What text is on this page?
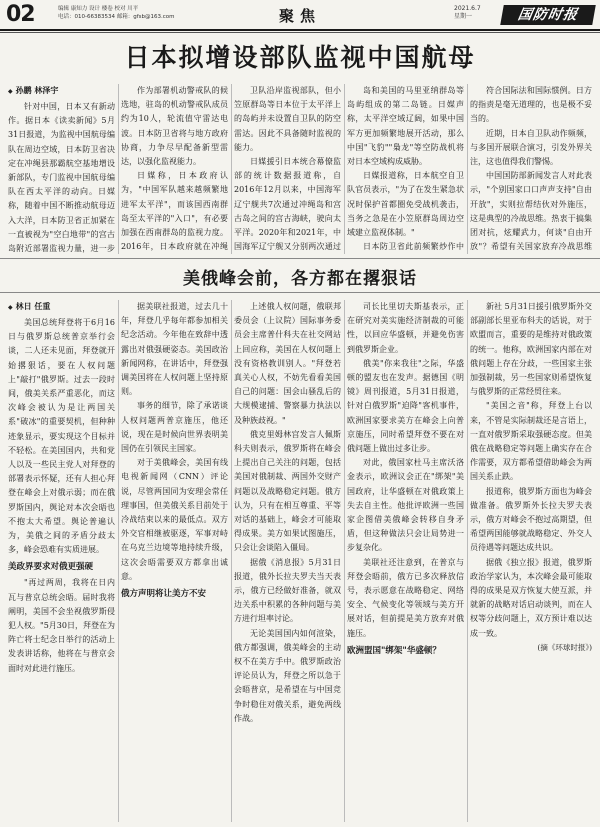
02	编辑 康知力 设计 楼卷 校对 川平
电话：010-66383534 邮箱：gfsb@163.com	聚焦	2021.6.7
星期一	国防时报
日本拟增设部队监视中国航母
◆ 孙鹏 林泽宇

针对中国，日本又有新动作。据日本《读卖新闻》5月31日报道，为监视中国航母编队在周边空域，日本防卫省决定在冲绳县那霸航空基地增设新部队，专门监视中国航母编队在西太平洋的动向。日媒称，随着中国不断推动航母迈入大洋，日本防卫省正加紧在一直被视为"空白地带"的宫古岛附近部署监视力量，进一步

作为部署机动警戒队的候选地，驻岛的机动警戒队成员约为10人，轮流值守雷达电波。日本防卫省将与地方政府协商，力争尽早配备新型雷达，以强化监视能力。

日媒称，日本政府认为，"中国军队越来越频繁地进军太平洋"，而该国西南群岛至太平洋的"入口"，有必要加强在西南群岛的监视力度。2016年，日本政府就在冲绳

卫队沿岸监视部队，但小笠原群岛等日本位于太平洋上的岛屿并未设置自卫队的防空雷达。因此不具备随时监视的能力。

日媒援引日本统合幕僚监部的统计数据报道称，自2016年12月以来，中国海军辽宁舰共7次通过冲绳岛和宫古岛之间的宫古海峡，驶向太平洋。2020年和2021年，中国海军辽宁舰又分别两次通过

岛和美国的马里亚纳群岛等岛屿组成的第二岛链。日媒声称，太平洋空域辽阔，如果中国军方更加频繁地展开活动，那么中国"飞豹""梟龙"等空防战机将对日本空域构成威胁。

日媒报道称，日本航空自卫队官员表示，"为了在发生紧急状况时保护首都圈免受战机袭击，当务之急是在小笠原群岛周边空域建立监视体制。"

日本防卫省此前频繁炒作中

符合国际法和国际惯例。日方的指责是毫无道理的，也是极不妥当的。

近期，日本自卫队动作频频，与多国开展联合演习，引发外界关注，这也值得我们警惕。

中国国防部新闻发言人对此表示，"个别国家口口声声支持"自由开放"，实则拉帮结伙对外施压，这是典型的冷战思维。热衷于搞集团对抗，炫耀武力，何谈"自由开放"？希望有关国家放弃冷战思维

美俄峰会前，各方都在撂狠话
◆ 林日 任重

美国总统拜登将于6月16日与俄罗斯总统普京举行会谈，二人还未见面，拜登就开始撂狠话，要在人权问题上"敲打"俄罗斯。过去一段时间，俄美关系严重恶化，而这次峰会被认为是让两国关系"破冰"的重要契机，但种种迹象显示，要实现这个目标并不轻松。在美国国内，共和党人以及一些民主党人对拜登的部署表示怀疑，还有人担心拜登在峰会上对俄示弱；而在俄罗斯国内，舆论对本次会晤也不抱太大希望。舆论普遍认为，美俄之间的矛盾分歧太多，峰会恐难有实质进展。

美政界要求对俄更强硬

"再过两周，我将在日内瓦与普京总统会晤。届时我将阐明，美国不会坐视俄罗斯侵犯人权。"5月30日，拜登在为阵亡将士纪念日举行的活动上发表讲话称，他将在与普京会面时对此进行施压。

据美联社报道，过去几十年，拜登几乎每年都参加相关纪念活动。今年他在致辞中透露出对俄强硬姿态。美国政治新闻网称，在讲话中，拜登强调美国将在人权问题上坚持原则。

事务的细节，除了承诺谈人权问题两普京施压，他还说，现在是时候向世界表明美国仍在引领民主国家。

对于美俄峰会，美国有线电视新闻网（CNN）评论说，尽管两国同为安理会常任理事国，但美俄关系目前处于冷战结束以来的最低点。双方外交官相继被驱逐，军事对峙在乌克兰边境等地持续升级，这次会晤需要双方都拿出诚意。

俄方声明将让美方不安

上述俄人权问题，俄联邦委员会（上议院）国际事务委员会主席普什科夫在社交网站上回应称，美国在人权问题上没有资格教训别人。"拜登若真关心人权，不妨先看看美国自己的问题：国会山骚乱后的大规模逮捕、警察暴力执法以及种族歧视。"

俄克里姆林宫发言人佩斯科夫则表示，俄罗斯将在峰会上提出自己关注的问题，包括美国对俄制裁、两国外交财产问题以及战略稳定问题。俄方认为，只有在相互尊重、平等对话的基础上，峰会才可能取得成果。美方如果试图施压，只会让会谈陷入僵局。

据俄《消息报》5月31日报道，俄外长拉夫罗夫当天表示，俄方已经做好准备，就双边关系中积累的各种问题与美方进行坦率讨论。

无论美国国内如何渲染，俄方都强调，俄美峰会的主动权不在美方手中。俄罗斯政治评论员认为，拜登之所以急于会晤普京，是希望在与中国竞争时稳住对俄关系，避免两线作战。

司长比里切夫斯基表示，正在研究对美实施经济制裁的可能性，以回应华盛顿，并避免伤害到俄罗斯企业。

俄美"你来我往"之际，华盛顿的盟友也在发声。据德国《明镜》周刊报道，5月31日报道，针对白俄罗斯"迫降"客机事件，欧洲国家要求美方在峰会上向普京施压，同时希望拜登不要在对俄问题上做出过多让步。

对此，俄国家杜马主席沃洛金表示，欧洲议会正在"绑架"美国政府，让华盛顿在对俄政策上失去自主性。他批评欧洲一些国家企图借美俄峰会转移自身矛盾，但这种做法只会让局势进一步复杂化。

美联社还注意到，在普京与拜登会晤前，俄方已多次释放信号，表示愿意在战略稳定、网络安全、气候变化等领域与美方开展对话，但前提是美方放弃对俄施压。

欧洲盟国"绑架"华盛顿？

新社 5月31日援引俄罗斯外交部副部长里亚布科夫的话说，对于欧盟而言，重要的是维持对俄政策的统一。他称，欧洲国家内部在对俄问题上存在分歧，一些国家主张加强制裁，另一些国家则希望恢复与俄罗斯的正常经贸往来。

"美国之音"称，拜登上台以来，不管是实际制裁还是言语上，一直对俄罗斯采取强硬态度。但美俄在战略稳定等问题上确实存在合作需要，双方都希望借助峰会为两国关系止跌。

报道称，俄罗斯方面也为峰会做准备。俄罗斯外长拉夫罗夫表示，俄方对峰会不抱过高期望，但希望两国能够就战略稳定、外交人员待遇等问题达成共识。

据俄《独立报》报道，俄罗斯政治学家认为，本次峰会最可能取得的成果是双方恢复大使互派，并就新的战略对话启动谈判，而在人权等分歧问题上，双方预计难以达成一致。

(摘《环球时报》)
